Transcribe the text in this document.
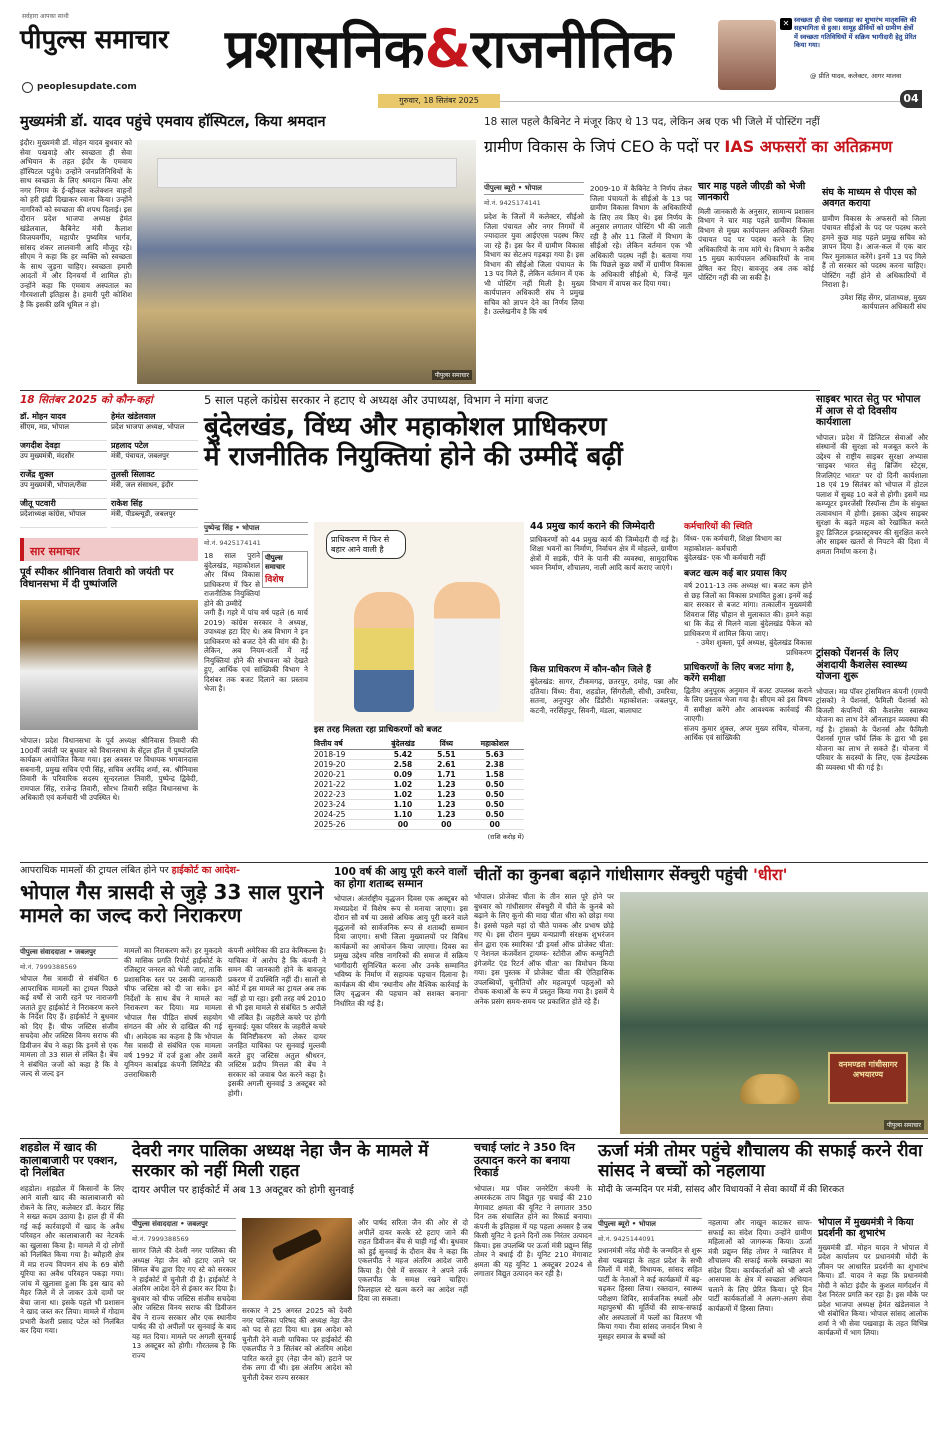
सर्वहारा आपका साथी
पीपुल्स समाचार
peoplesupdate.com
प्रशासनिक&राजनीतिक
गुरुवार, 18 सितंबर 2025
✕ स्वच्छता ही सेवा पखवाड़ा का शुभारंभ मातृशक्ति की सहभागिता से हुआ। सामूह ढीवियों को ग्रामीण क्षेत्रों में स्वच्छता गतिविधियों में सक्रिय भागीदारी हेतु प्रेरित किया गया।
@ प्रीति यादव, कलेक्टर, आगर मालवा
04
मुख्यमंत्री डॉ. यादव पहुंचे एमवाय हॉस्पिटल, किया श्रमदान
इंदौर। मुख्यमंत्री डॉ. मोहन यादव बुधवार को सेवा पखवाड़े और स्वच्छता ही सेवा अभियान के तहत इंदौर के एमवाय हॉस्पिटल पहुंचे। उन्होंने जनप्रतिनिधियों के साथ स्वच्छता के लिए श्रमदान किया और नगर निगम के ई-व्हीकल कलेक्शन वाहनों को हरी झंडी दिखाकर रवाना किया। उन्होंने नागरिकों को स्वच्छता की शपथ दिलाई। इस दौरान प्रदेश भाजपा अध्यक्ष हेमंत खंडेलवाल, कैबिनेट मंत्री कैलाश विजयवर्गीय, महापौर पुष्यमित्र भार्गव, सांसद शंकर लालवानी आदि मौजूद रहे। सीएम ने कहा कि हर व्यक्ति को स्वच्छता के साथ जुड़ना चाहिए। स्वच्छता हमारी आदतों में और दिनचर्या में शामिल हो। उन्होंने कहा कि एमवाय अस्पताल का गौरवशाली इतिहास है। हमारी पूरी कोशिश है कि इसकी छवि धूमिल न हो।
पीपुल्स समाचार
18 साल पहले कैबिनेट ने मंजूर किए थे 13 पद, लेकिन अब एक भी जिले में पोस्टिंग नहीं
ग्रामीण विकास के जिपं CEO के पदों पर IAS अफसरों का अतिक्रमण
पीपुल्स ब्यूरो • भोपाल
मो.नं. 9425174141
प्रदेश के जिलों में कलेक्टर, सीईओ जिला पंचायत और नगर निगमों में ज्यादातर युवा आईएएस पदस्थ किए जा रहे हैं। इस फेर में ग्रामीण विकास विभाग का सेटअप गड़बड़ा गया है। इस विभाग की सीईओ जिला पंचायत के 13 पद मिले हैं, लेकिन वर्तमान में एक भी पोस्टिंग नहीं मिली है। मुख्य कार्यपालन अधिकारी संघ ने प्रमुख सचिव को ज्ञापन देने का निर्णय लिया है। उल्लेखनीय है कि वर्ष
2009-10 में कैबिनेट ने निर्णय लेकर जिला पंचायतों के सीईओ के 13 पद ग्रामीण विकास विभाग के अधिकारियों के लिए तय किए थे। इस निर्णय के अनुसार लगातार पोस्टिंग भी की जाती रही है और 11 जिलों में विभाग के सीईओ रहे। लेकिन वर्तमान एक भी अधिकारी पदस्थ नहीं है। बताया गया कि पिछले कुछ वर्षों में ग्रामीण विकास के अधिकारी सीईओ थे, जिन्हें मूल विभाग में वापस कर दिया गया।
चार माह पहले जीएडी को भेजी जानकारी
मिली जानकारी के अनुसार, सामान्य प्रशासन विभाग ने चार माह पहले ग्रामीण विकास विभाग से मुख्य कार्यपालन अधिकारी जिला पंचायत पद पर पदस्थ करने के लिए अधिकारियों के नाम मांगे थे। विभाग ने करीब 15 मुख्य कार्यपालन अधिकारियों के नाम प्रेषित कर दिए। बावजूद अब तक कोई पोस्टिंग नहीं की जा सकी है।
संघ के माध्यम से पीएस को अवगत कराया
ग्रामीण विकास के अफसरों को जिला पंचायत सीईओ के पद पर पदस्थ करने हमने कुछ माह पहले प्रमुख सचिव को ज्ञापन दिया है। आज-कल में एक बार फिर मुलाकात करेंगे। इनमें 13 पद मिले हैं तो सरकार को पदस्थ करना चाहिए। पोस्टिंग नहीं होने से अधिकारियों में निराशा है।
उमेश सिंह सेंगर, प्रांताध्यक्ष, मुख्य कार्यपालन अधिकारी संघ
18 सितंबर 2025 को कौन-कहां
डॉ. मोहन यादव
सीएम, मप्र, भोपाल
हेमंत खंडेलवाल
प्रदेश भाजपा अध्यक्ष, भोपाल
जगदीश देवड़ा
उप मुख्यमंत्री, मंदसौर
प्रहलाद पटेल
मंत्री, पंचायत, जबलपुर
राजेंद्र शुक्ल
उप मुख्यमंत्री, भोपाल/रीवा
तुलसी सिलावट
मंत्री, जल संसाधन, इंदौर
जीतू पटवारी
प्रदेशाध्यक्ष कांग्रेस, भोपाल
राकेश सिंह
मंत्री, पीडब्ल्यूडी, जबलपुर
सार समाचार
पूर्व स्पीकर श्रीनिवास तिवारी को जयंती पर विधानसभा में दी पुष्पांजलि
भोपाल। प्रदेश विधानसभा के पूर्व अध्यक्ष श्रीनिवास तिवारी की 100वीं जयंती पर बुधवार को विधानसभा के सेंट्रल हॉल में पुष्पांजलि कार्यक्रम आयोजित किया गया। इस अवसर पर विधायक भगवानदास सबनानी, प्रमुख सचिव एपी सिंह, सचिव अरविंद शर्मा, स्व. श्रीनिवास तिवारी के परिवारिक सदस्य सुन्दरलाल तिवारी, पुष्पेन्द्र द्विवेदी, रामपाल सिंह, राजेन्द्र तिवारी, सौरभ तिवारी सहित विधानसभा के अधिकारी एवं कर्मचारी भी उपस्थित थे।
5 साल पहले कांग्रेस सरकार ने हटाए थे अध्यक्ष और उपाध्यक्ष, विभाग ने मांगा बजट
बुंदेलखंड, विंध्य और महाकोशल प्राधिकरण
में राजनीतिक नियुक्तियां होने की उम्मीदें बढ़ीं
पुष्पेन्द्र सिंह • भोपाल
मो.नं. 9425174141
18 साल पुराने बुंदेलखंड, महाकोशल और विंध्य विकास प्राधिकरण में फिर से राजनीतिक नियुक्तियां होने की उम्मीदें
पीपुल्स समाचार
विशेष
जगी हैं। गहरे में पांच वर्ष पहले (6 मार्च 2019) कांग्रेस सरकार ने अध्यक्ष, उपाध्यक्ष हटा दिए थे। अब विभाग ने इन प्राधिकरण को बजट देने की मांग की है। लेकिन, अब नियम-शर्तों में नई नियुक्तियां होने की संभावना को देखते हुए, आर्थिक एवं सांख्यिकी विभाग ने दिसंबर तक बजट दिलाने का प्रस्ताव भेजा है।
प्राधिकरण में फिर से बहार आने वाली है
इस तरह मिलता रहा प्राधिकरणों को बजट
वित्तीय वर्ष	बुंदेलखंड	विंध्य	महाकोशल
2018-19	5.42	5.51	5.63
2019-20	2.58	2.61	2.38
2020-21	0.09	1.71	1.58
2021-22	1.02	1.23	0.50
2022-23	1.02	1.23	0.50
2023-24	1.10	1.23	0.50
2024-25	1.10	1.23	0.50
2025-26	00	00	00
(राशि करोड़ में)
44 प्रमुख कार्य कराने की जिम्मेदारी
प्राधिकरणों को 44 प्रमुख कार्य की जिम्मेदारी दी गई है। शिक्षा भवनों का निर्माण, निर्वाचन क्षेत्र में मोहल्ले, ग्रामीण क्षेत्रों में सड़कें, पीने के पानी की व्यवस्था, सामुदायिक भवन निर्माण, शौचालय, नाली आदि कार्य कराए जाएंगे।
किस प्राधिकरण में कौन-कौन जिले हैं
बुंदेलखंड: सागर, टीकमगढ़, छतरपुर, दमोह, पन्ना और दतिया। विंध्य: रीवा, शहडोल, सिंगरौली, सीधी, उमरिया, सतना, अनूपपुर और डिंडौरी। महाकोशल: जबलपुर, कटनी, नरसिंहपुर, सिवनी, मंडला, बालाघाट
कर्मचारियों की स्थिति
विंध्य- एक कर्मचारी, शिक्षा विभाग का
महाकोशल- कर्मचारी
बुंदेलखंड- एक भी कर्मचारी नहीं
बजट खत्म कई बार प्रयास किए
वर्ष 2011-13 तक अध्यक्ष था। बजट कम होने से छह जिलों का विकास प्रभावित हुआ। इनमें कई बार सरकार से बजट मांगा। तत्कालीन मुख्यमंत्री शिवराज सिंह चौहान से मुलाकात की। हमने कहा था कि केंद्र से मिलने वाला बुंदेलखंड पैकेज को प्राधिकरण में शामिल किया जाए।
- उमेश शुक्ला, पूर्व अध्यक्ष, बुंदेलखंड विकास प्राधिकरण
प्राधिकरणों के लिए बजट मांगा है, करेंगे समीक्षा
द्वितीय अनुपूरक अनुमान में बजट उपलब्ध कराने के लिए प्रस्ताव भेजा गया है। सीएम को इस विषय में समीक्षा करेंगे और आवश्यक कार्रवाई की जाएगी।
संजय कुमार शुक्ल, अपर मुख्य सचिव, योजना, आर्थिक एवं सांख्यिकी
साइबर भारत सेतु पर भोपाल में आज से दो दिवसीय कार्यशाला
भोपाल। प्रदेश में डिजिटल सेवाओं और संस्थानों की सुरक्षा को मजबूत करने के उद्देश्य से राष्ट्रीय साइबर सुरक्षा अभ्यास 'साइबर भारत सेतु ब्रिजिंग स्टेट्स, रिजलिएंट भारत' पर दो दिनी कार्यशाला 18 एवं 19 सितंबर को भोपाल में होटल पलाश में सुबह 10 बजे से होगी। इसमें मप्र कम्प्यूटर इमरजेंसी रिस्पॉन्स टीम के संयुक्त तत्वावधान में होगी। इसका उद्देश्य साइबर सुरक्षा के बढ़ते महत्व को रेखांकित करते हुए डिजिटल इन्फ्रास्ट्रक्चर की सुरक्षित करने और साइबर खतरों से निपटने की दिशा में क्षमता निर्माण करना है।
ट्रांसको पेंशनर्स के लिए अंशदायी कैशलेस स्वास्थ्य योजना शुरू
भोपाल। मप्र पॉवर ट्रांसमिशन कंपनी (एमपी ट्रांसको) ने पेंशनर्स, फैमिली पेंशनर्स को बिजली कंपनियों की कैशलेस स्वास्थ्य योजना का लाभ देने ऑनलाइन व्यवस्था की गई है। ट्रांसको के पेंशनर्स और फैमिली पेंशनर्स गूगल फॉर्म लिंक के द्वारा भी इस योजना का लाभ ले सकते हैं। योजना में परिवार के सदस्यों के लिए, एक हेल्पडेस्क की व्यवस्था भी की गई है।
आपराधिक मामलों की ट्रायल लंबित होने पर हाईकोर्ट का आदेश-
भोपाल गैस त्रासदी से जुड़े 33 साल पुराने मामले का जल्द करो निराकरण
पीपुल्स संवाददाता • जबलपुर
मो.नं. 7999388569
भोपाल गैस त्रासदी से संबंधित 6 आपराधिक मामलों का ट्रायल पिछले कई वर्षों से जारी रहने पर नाराजगी जताते हुए हाईकोर्ट ने निराकरण करने के निर्देश दिए हैं। हाईकोर्ट ने बुधवार को दिए हैं। चीफ जस्टिस संजीव सचदेवा और जस्टिस विनय सराफ की डिवीजन बेंच ने कहा कि इनमें से एक मामला तो 33 साल से लंबित है। बेंच ने संबंधित जजों को कहा है कि वे जल्द से जल्द इन
मामलों का निराकरण करें। हर मुकदमे की मासिक प्रगति रिपोर्ट हाईकोर्ट के रजिस्ट्रार जनरल को भेजी जाए, ताकि प्रशासनिक स्तर पर उसकी जानकारी चीफ जस्टिस को दी जा सके। इन निर्देशों के साथ बेंच ने मामले का निराकरण कर दिया। मप्र मामला भोपाल गैस पीड़ित संघर्ष सहयोग संगठन की ओर से दाखिल की गई थी। आवेदक का कहना है कि भोपाल गैस त्रासदी से संबंधित एक मामला वर्ष 1992 में दर्ज हुआ और उसमें यूनियन कार्बाइड कंपनी लिमिटेड की उत्तराधिकारी
कंपनी अमेरिका की डाउ केमिकल्स है। याचिका में आरोप है कि कंपनी ने समन की जानकारी होने के बावजूद प्रकरण में उपस्थिति नहीं दी। सालों से कोर्ट में इस मामले का ट्रायल अब तक नहीं हो पा रहा। इसी तरह वर्ष 2010 से भी इस मामले से संबंधित 5 अपीलें भी लंबित हैं। जहरीले कचरे पर होगी सुनवाई: यूका परिसर के जहरीले कचरे के विनिष्टीकरण को लेकर दायर जनहित याचिका पर सुनवाई मुल्तवी करते हुए जस्टिस अतुल श्रीधरन, जस्टिस प्रदीप मित्तल की बेंच ने सरकार को जवाब पेश करने कहा है। इसकी अगली सुनवाई 3 अक्टूबर को होगी।
100 वर्ष की आयु पूरी करने वालों का होगा शताब्द सम्मान
भोपाल। अंतर्राष्ट्रीय वृद्धजन दिवस एक अक्टूबर को मध्यप्रदेश में विशेष रूप से मनाया जाएगा। इस दौरान सौ वर्ष या उससे अधिक आयु पूरी करने वाले वृद्धजनों को सार्वजनिक रूप से शताब्दी सम्मान दिया जाएगा। सभी जिला मुख्यालयों पर विविध कार्यक्रमों का आयोजन किया जाएगा। दिवस का प्रमुख उद्देश्य वरिष्ठ नागरिकों की समाज में सक्रिय भागीदारी सुनिश्चित करना और उनके सम्मानित भविष्य के निर्माण में सहायक पहचान दिलाना है। कार्यक्रम की थीम 'स्थानीय और वैश्विक कार्रवाई के लिए वृद्धजन की पहचान को सशक्त बनाना' निर्धारित की गई है।
चीतों का कुनबा बढ़ाने गांधीसागर सेंक्चुरी पहुंची 'धीरा'
भोपाल। प्रोजेक्ट चीता के तीन साल पूरे होने पर बुधवार को गांधीसागर सेंक्चुरी में चीते के कुनबे को बढ़ाने के लिए कूनो की मादा चीता धीरा को छोड़ा गया है। इससे पहले यहां दो चीते पावक और प्रभाष छोड़े गए थे। इस दौरान मुख्य वन्यप्राणी संरक्षक शुभरंजन सेन द्वारा एक स्मारिका 'डी इयर्स ऑफ प्रोजेक्ट चीता: ए नेशनल कंजर्वेशन ट्रायम्फ- स्टोरीज ऑफ कम्युनिटी इंगेजमेंट एंड रिटर्न ऑफ चीता' का विमोचन किया गया। इस पुस्तक में प्रोजेक्ट चीता की ऐतिहासिक उपलब्धियों, चुनौतियों और महत्वपूर्ण पहलुओं को रोचक कथाओं के रूप में प्रस्तुत किया गया है। इसमें ये अनेक प्रसंग समय-समय पर प्रकाशित होते रहे हैं।
वनमण्डल गांधीसागर अभयारण्य
पीपुल्स समाचार
शहडोल में खाद की कालाबाजारी पर एक्शन, दो निलंबित
शहडोल। शहडोल में किसानों के लिए आने वाली खाद की कालाबाजारी को रोकने के लिए, कलेक्टर डॉ. केदार सिंह ने सख्त कदम उठाया है। हाल ही में की गई कई कार्रवाइयों में खाद के अवैध परिवहन और कालाबाजारी का नेटवर्क का खुलासा किया है। मामले में दो लोगों को निलंबित किया गया है। ब्यौहारी क्षेत्र में मप्र राज्य विपणन संघ के 69 बोरी यूरिया का अवैध परिवहन पकड़ा गया। जांच में खुलासा हुआ कि इस खाद को मैहर जिले में ले जाकर ऊंचे दामों पर बेचा जाना था। इसके पहले भी प्रशासन ने खाद जब्त कर लिया। मामले में गोदाम प्रभारी केशरी प्रसाद पटेल को निलंबित कर दिया गया।
देवरी नगर पालिका अध्यक्ष नेहा जैन के मामले में सरकार को नहीं मिली राहत
दायर अपील पर हाईकोर्ट में अब 13 अक्टूबर को होगी सुनवाई
पीपुल्स संवाददाता • जबलपुर
मो.नं. 7999388569
सागर जिले की देवरी नगर पालिका की अध्यक्ष नेहा जैन को हटाए जाने पर सिंगल बेंच द्वारा दिए गए स्टे को सरकार ने हाईकोर्ट में चुनौती दी है। हाईकोर्ट ने अंतरिम आदेश देने से इंकार कर दिया है। बुधवार को चीफ जस्टिस संजीव सचदेवा और जस्टिस विनय सराफ की डिवीजन बेंच ने राज्य सरकार और एक स्थानीय पार्षद की दो अपीलों पर सुनवाई के बाद यह मत दिया। मामले पर अगली सुनवाई 13 अक्टूबर को होगी। गौरतलब है कि राज्य
सरकार ने 25 अगस्त 2025 को देवरी नगर पालिका परिषद की अध्यक्ष नेहा जैन को पद से हटा दिया था। इस आदेश को चुनौती देने वाली याचिका पर हाईकोर्ट की एकलपीठ ने 3 सितंबर को अंतरिम आदेश पारित करते हुए (नेहा जैन को) हटाने पर रोक लगा दी थी। इस अंतरिम आदेश को चुनौती देकर राज्य सरकार
और पार्षद सरिता जैन की ओर से दो अपीलें दायर करके स्टे हटाए जाने की राहत डिवीजन बेंच से चाही गई थी। बुधवार को हुई सुनवाई के दौरान बेंच ने कहा कि एकलपीठ ने महज अंतरिम आदेश जारी किया है। ऐसे में सरकार ने अपने तर्क एकलपीठ के समक्ष रखने चाहिए। फिलहाल स्टे खत्म करने का आदेश नहीं दिया जा सकता।
चचाई प्लांट ने 350 दिन उत्पादन करने का बनाया रिकार्ड
भोपाल। मप्र पॉवर जनरेटिंग कंपनी के अमरकंटक ताप विद्युत गृह चचाई की 210 मेगावाट क्षमता की यूनिट ने लगातार 350 दिन तक संचालित होने का रिकार्ड बनाया। कंपनी के इतिहास में यह पहला अवसर है जब किसी यूनिट ने इतने दिनों तक निरंतर उत्पादन किया। इस उपलब्धि पर ऊर्जा मंत्री प्रद्युम्न सिंह तोमर ने बधाई दी है। यूनिट 210 मेगावाट क्षमता की यह यूनिट 1 अक्टूबर 2024 से लगातार विद्युत उत्पादन कर रही है।
ऊर्जा मंत्री तोमर पहुंचे शौचालय की सफाई करने रीवा सांसद ने बच्चों को नहलाया
मोदी के जन्मदिन पर मंत्री, सांसद और विधायकों ने सेवा कार्यों में की शिरकत
पीपुल्स ब्यूरो • भोपाल
मो.नं. 9425144091
प्रधानमंत्री नरेंद्र मोदी के जन्मदिन से शुरू सेवा पखवाड़ा के तहत प्रदेश के सभी जिलों में मंत्री, विधायक, सांसद सहित पार्टी के नेताओं ने कई कार्यक्रमों में बढ़-चढ़कर हिस्सा लिया। रक्तदान, स्वास्थ्य परीक्षण शिविर, सार्वजनिक स्थलों और महापुरुषों की मूर्तियों की साफ-सफाई और अस्पतालों में फलों का वितरण भी किया गया। रीवा सांसद जनार्दन मिश्रा ने मुसहर समाज के बच्चों को
नहलाया और नाखून काटकर साफ-सफाई का संदेश दिया। उन्होंने ग्रामीण महिलाओं को जागरूक किया। ऊर्जा मंत्री प्रद्युम्न सिंह तोमर ने ग्वालियर में शौचालय की सफाई करके स्वच्छता का संदेश दिया। कार्यकर्ताओं को भी अपने आसपास के क्षेत्र में स्वच्छता अभियान चलाने के लिए प्रेरित किया। पूरे दिन पार्टी कार्यकर्ताओं ने अलग-अलग सेवा कार्यक्रमों में हिस्सा लिया।
भोपाल में मुख्यमंत्री ने किया प्रदर्शनी का शुभारंभ
मुख्यमंत्री डॉ. मोहन यादव ने भोपाल में प्रदेश कार्यालय पर प्रधानमंत्री मोदी के जीवन पर आधारित प्रदर्शनी का शुभारंभ किया। डॉ. यादव ने कहा कि प्रधानमंत्री मोदी ने कोटा इंदौर के कुशल मार्गदर्शन में देश निरंतर प्रगति कर रहा है। इस मौके पर प्रदेश भाजपा अध्यक्ष हेमंत खंडेलवाल ने भी संबोधित किया। भोपाल सांसद आलोक शर्मा ने भी सेवा पखवाड़ा के तहत विभिन्न कार्यक्रमों में भाग लिया।
